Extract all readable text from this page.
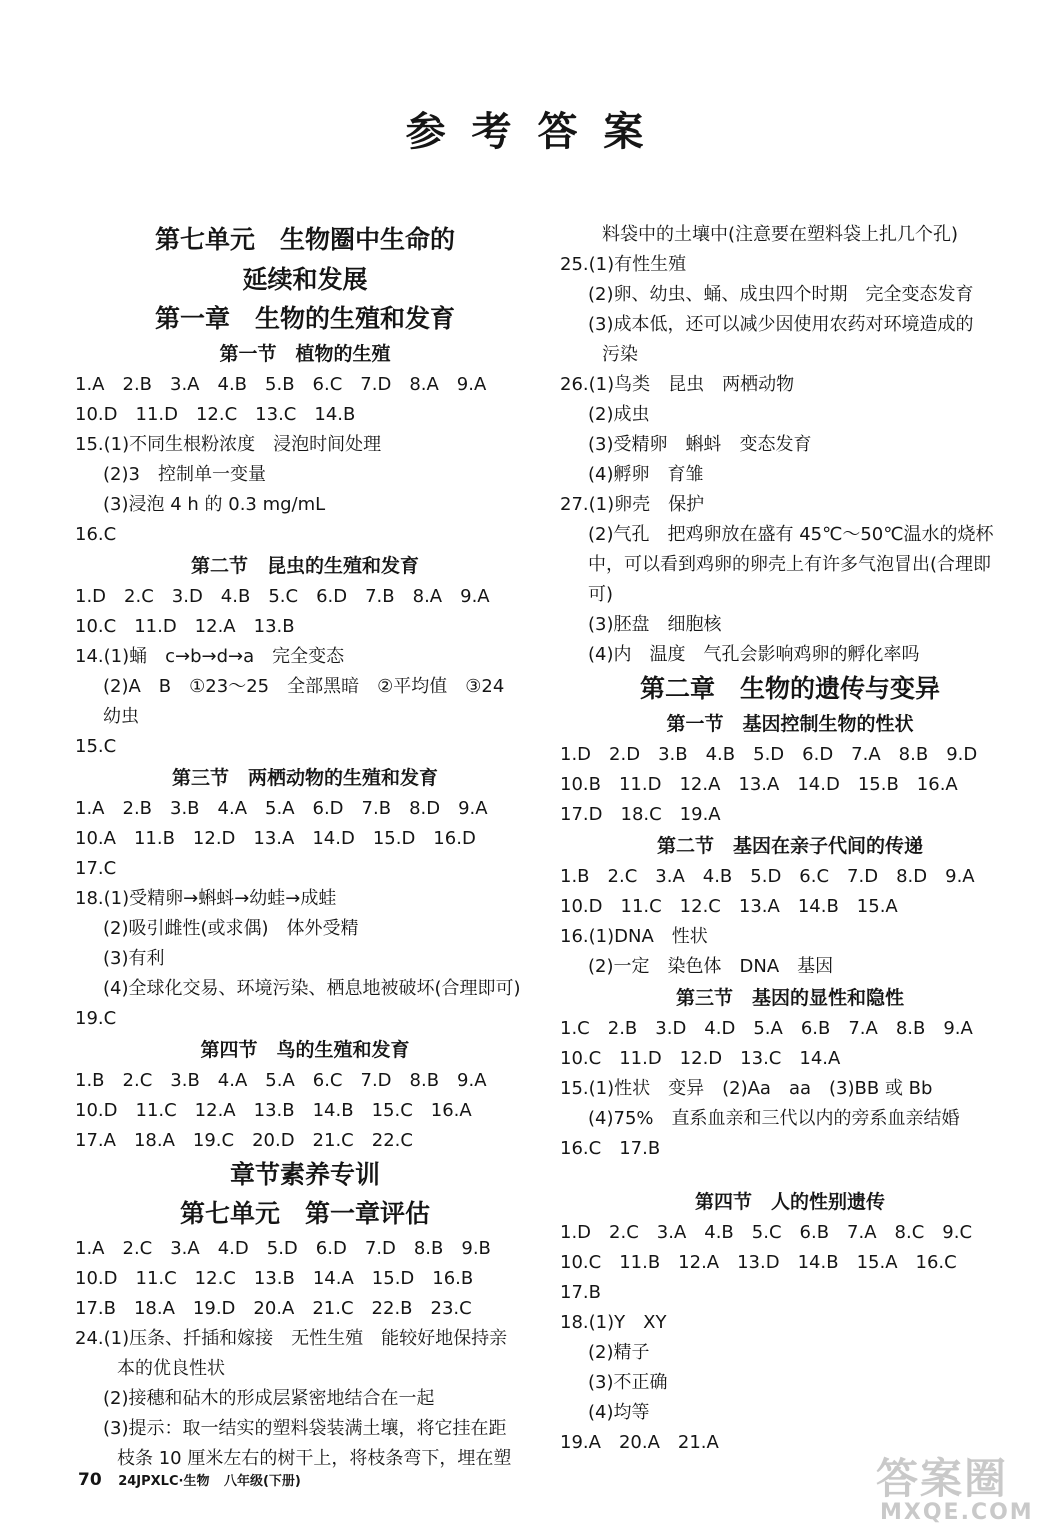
参 考 答 案
第七单元　生物圈中生命的
延续和发展
第一章　生物的生殖和发育
第一节　植物的生殖
1.A　2.B　3.A　4.B　5.B　6.C　7.D　8.A　9.A
10.D　11.D　12.C　13.C　14.B
15.(1)不同生根粉浓度　浸泡时间处理
(2)3　控制单一变量
(3)浸泡 4 h 的 0.3 mg/mL
16.C
第二节　昆虫的生殖和发育
1.D　2.C　3.D　4.B　5.C　6.D　7.B　8.A　9.A
10.C　11.D　12.A　13.B
14.(1)蛹　c→b→d→a　完全变态
(2)A　B　①23～25　全部黑暗　②平均值　③24
幼虫
15.C
第三节　两栖动物的生殖和发育
1.A　2.B　3.B　4.A　5.A　6.D　7.B　8.D　9.A
10.A　11.B　12.D　13.A　14.D　15.D　16.D
17.C
18.(1)受精卵→蝌蚪→幼蛙→成蛙
(2)吸引雌性(或求偶)　体外受精
(3)有利
(4)全球化交易、环境污染、栖息地被破坏(合理即可)
19.C
第四节　鸟的生殖和发育
1.B　2.C　3.B　4.A　5.A　6.C　7.D　8.B　9.A
10.D　11.C　12.A　13.B　14.B　15.C　16.A
17.A　18.A　19.C　20.D　21.C　22.C
章节素养专训
第七单元　第一章评估
1.A　2.C　3.A　4.D　5.D　6.D　7.D　8.B　9.B
10.D　11.C　12.C　13.B　14.A　15.D　16.B
17.B　18.A　19.D　20.A　21.C　22.B　23.C
24.(1)压条、扦插和嫁接　无性生殖　能较好地保持亲
本的优良性状
(2)接穗和砧木的形成层紧密地结合在一起
(3)提示：取一结实的塑料袋装满土壤，将它挂在距
枝条 10 厘米左右的树干上，将枝条弯下，埋在塑
料袋中的土壤中(注意要在塑料袋上扎几个孔)
25.(1)有性生殖
(2)卵、幼虫、蛹、成虫四个时期　完全变态发育
(3)成本低，还可以减少因使用农药对环境造成的
污染
26.(1)鸟类　昆虫　两栖动物
(2)成虫
(3)受精卵　蝌蚪　变态发育
(4)孵卵　育雏
27.(1)卵壳　保护
(2)气孔　把鸡卵放在盛有 45℃～50℃温水的烧杯
中，可以看到鸡卵的卵壳上有许多气泡冒出(合理即
可)
(3)胚盘　细胞核
(4)内　温度　气孔会影响鸡卵的孵化率吗
第二章　生物的遗传与变异
第一节　基因控制生物的性状
1.D　2.D　3.B　4.B　5.D　6.D　7.A　8.B　9.D
10.B　11.D　12.A　13.A　14.D　15.B　16.A
17.D　18.C　19.A
第二节　基因在亲子代间的传递
1.B　2.C　3.A　4.B　5.D　6.C　7.D　8.D　9.A
10.D　11.C　12.C　13.A　14.B　15.A
16.(1)DNA　性状
(2)一定　染色体　DNA　基因
第三节　基因的显性和隐性
1.C　2.B　3.D　4.D　5.A　6.B　7.A　8.B　9.A
10.C　11.D　12.D　13.C　14.A
15.(1)性状　变异　(2)Aa　aa　(3)BB 或 Bb
(4)75%　直系血亲和三代以内的旁系血亲结婚
16.C　17.B
第四节　人的性别遗传
1.D　2.C　3.A　4.B　5.C　6.B　7.A　8.C　9.C
10.C　11.B　12.A　13.D　14.B　15.A　16.C
17.B
18.(1)Y　XY
(2)精子
(3)不正确
(4)均等
19.A　20.A　21.A
70 24JPXLC·生物 八年级(下册)	答案圈
MXQE.COM
